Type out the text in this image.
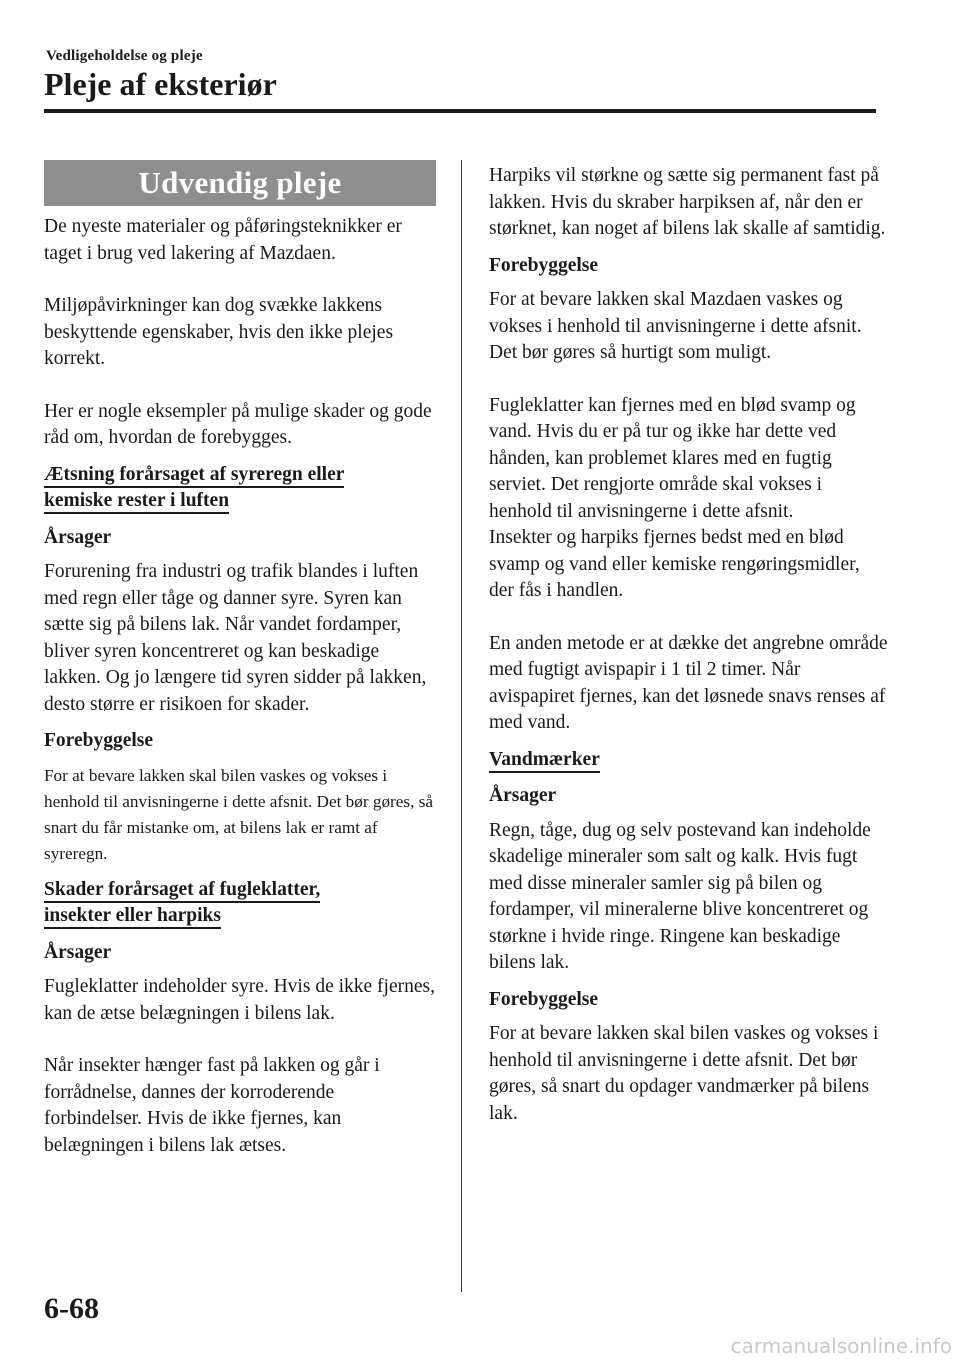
Vedligeholdelse og pleje
Pleje af eksteriør
Udvendig pleje

De nyeste materialer og påføringsteknikker er taget i brug ved lakering af Mazdaen.

Miljøpåvirkninger kan dog svække lakkens beskyttende egenskaber, hvis den ikke plejes korrekt.

Her er nogle eksempler på mulige skader og gode råd om, hvordan de forebygges.

Ætsning forårsaget af syreregn eller
kemiske rester i luften

Årsager

Forurening fra industri og trafik blandes i luften med regn eller tåge og danner syre. Syren kan sætte sig på bilens lak. Når vandet fordamper, bliver syren koncentreret og kan beskadige lakken. Og jo længere tid syren sidder på lakken, desto større er risikoen for skader.

Forebyggelse

For at bevare lakken skal bilen vaskes og vokses i henhold til anvisningerne i dette afsnit. Det bør gøres, så snart du får mistanke om, at bilens lak er ramt af syreregn.

Skader forårsaget af fugleklatter,
insekter eller harpiks

Årsager

Fugleklatter indeholder syre. Hvis de ikke fjernes, kan de ætse belægningen i bilens lak.

Når insekter hænger fast på lakken og går i forrådnelse, dannes der korroderende forbindelser. Hvis de ikke fjernes, kan belægningen i bilens lak ætses.

Harpiks vil størkne og sætte sig permanent fast på lakken. Hvis du skraber harpiksen af, når den er størknet, kan noget af bilens lak skalle af samtidig.

Forebyggelse

For at bevare lakken skal Mazdaen vaskes og vokses i henhold til anvisningerne i dette afsnit. Det bør gøres så hurtigt som muligt.

Fugleklatter kan fjernes med en blød svamp og vand. Hvis du er på tur og ikke har dette ved hånden, kan problemet klares med en fugtig serviet. Det rengjorte område skal vokses i henhold til anvisningerne i dette afsnit.

Insekter og harpiks fjernes bedst med en blød svamp og vand eller kemiske rengøringsmidler, der fås i handlen.

En anden metode er at dække det angrebne område med fugtigt avispapir i 1 til 2 timer. Når avispapiret fjernes, kan det løsnede snavs renses af med vand.

Vandmærker

Årsager

Regn, tåge, dug og selv postevand kan indeholde skadelige mineraler som salt og kalk. Hvis fugt med disse mineraler samler sig på bilen og fordamper, vil mineralerne blive koncentreret og størkne i hvide ringe. Ringene kan beskadige bilens lak.

Forebyggelse

For at bevare lakken skal bilen vaskes og vokses i henhold til anvisningerne i dette afsnit. Det bør gøres, så snart du opdager vandmærker på bilens lak.

6-68
carmanualsonline.info
